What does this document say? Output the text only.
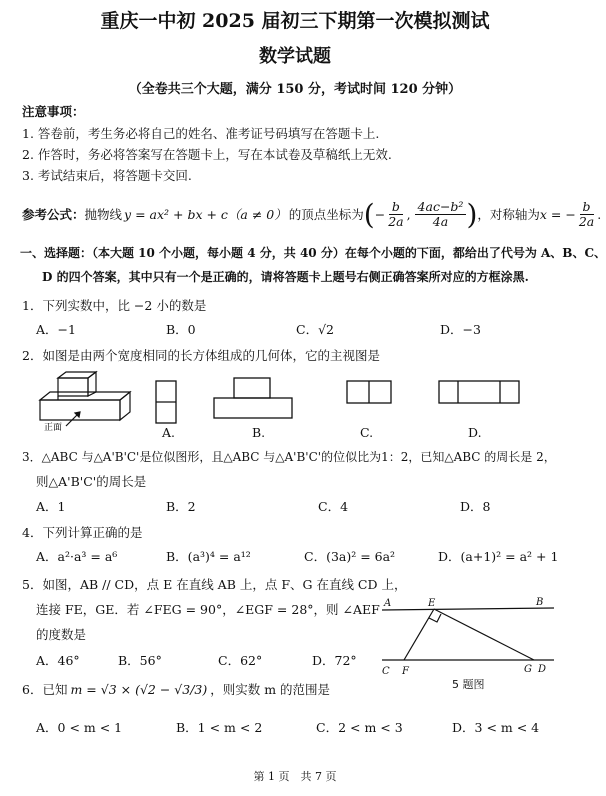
重庆一中初 2025 届初三下期第一次模拟测试
数学试题
（全卷共三个大题，满分 150 分，考试时间 120 分钟）
注意事项：
1. 答卷前，考生务必将自己的姓名、准考证号码填写在答题卡上.
2. 作答时，务必将答案写在答题卡上，写在本试卷及草稿纸上无效.
3. 考试结束后，将答题卡交回.
参考公式： 抛物线 y = ax² + bx + c（a ≠ 0） 的顶点坐标为 ( − $\frac{b}{2a}$ , $\frac{\text{4ac−b²}}{4a}$ ) ，对称轴为 x = − $\frac{b}{2a}$ .
一、选择题：（本大题 10 个小题，每小题 4 分，共 40 分）在每个小题的下面，都给出了代号为 A、B、C、
D 的四个答案，其中只有一个是正确的，请将答题卡上题号右侧正确答案所对应的方框涂黑.
1．下列实数中，比 −2 小的数是
A．−1	B．0	C．√2	D．−3
2．如图是由两个宽度相同的长方体组成的几何体，它的主视图是
正面	A.	B.	C.	D.
3．△ABC 与△A'B'C'是位似图形，且△ABC 与△A'B'C'的位似比为1：2，已知△ABC 的周长是 2，
则△A'B'C'的周长是
A．1	B．2	C．4	D．8
4．下列计算正确的是
A．a²·a³ = a⁶	B．(a³)⁴ = a¹²	C．(3a)² = 6a²	D．(a+1)² = a² + 1
5．如图，AB // CD，点 E 在直线 AB 上，点 F、G 在直线 CD 上，
连接 FE，GE．若 ∠FEG = 90°，∠EGF = 28°，则 ∠AEF
的度数是
A．46°	B．56°	C．62°	D．72°
A	E	B
C F	G D
5 题图
6．已知 m = √3 × (√2 − √3/3) ，则实数 m 的范围是
A．0 < m < 1	B．1 < m < 2	C．2 < m < 3	D．3 < m < 4
第 1 页　共 7 页
